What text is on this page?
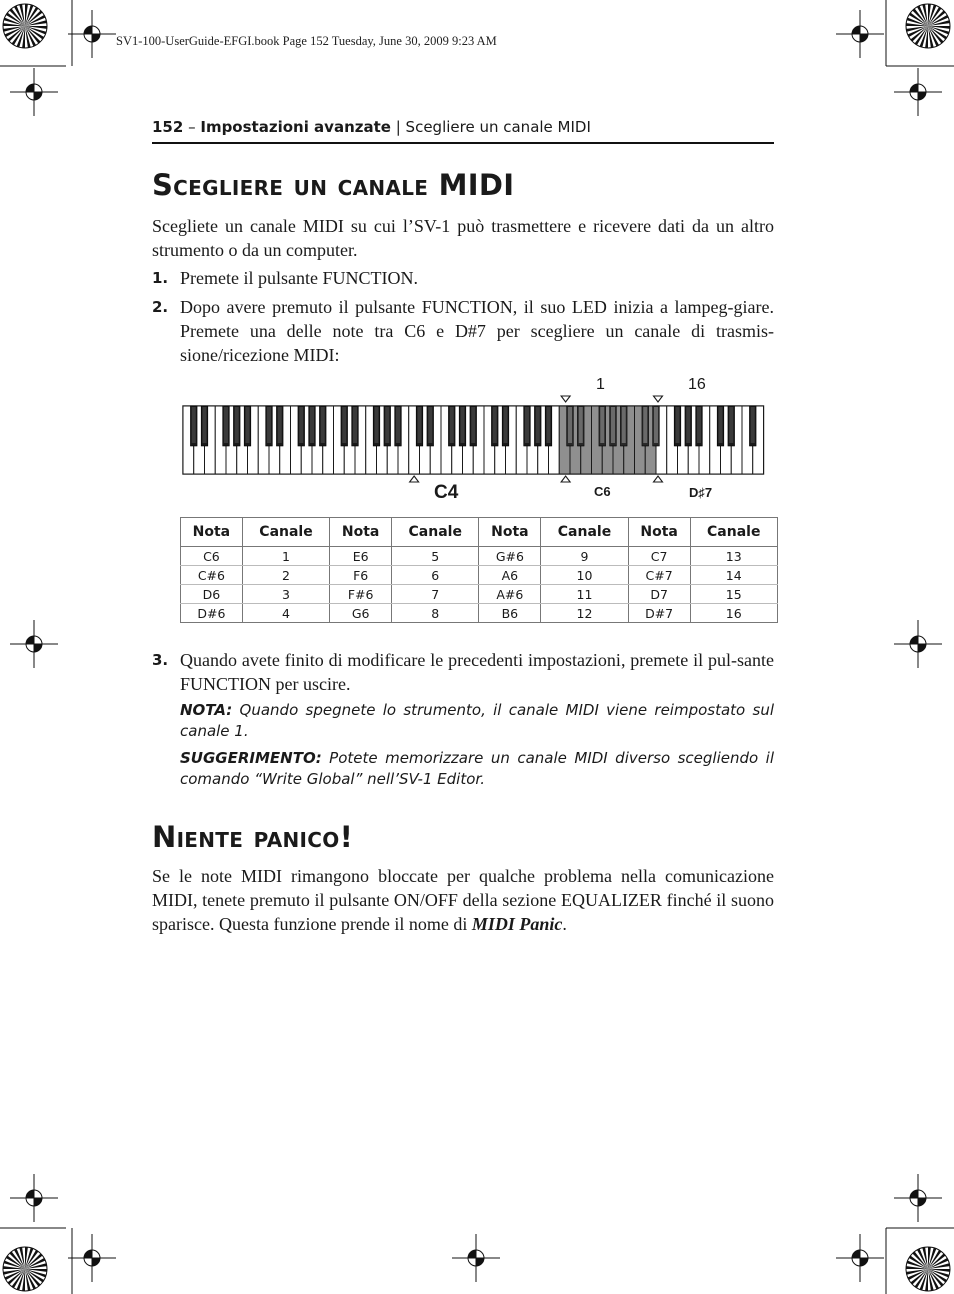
SV1-100-UserGuide-EFGI.book Page 152 Tuesday, June 30, 2009 9:23 AM
152 – Impostazioni avanzate | Scegliere un canale MIDI
Scegliere un canale MIDI

Scegliete un canale MIDI su cui l’SV-1 può trasmettere e ricevere dati da un altro strumento o da un computer.

1. Premete il pulsante FUNCTION.
2. Dopo avere premuto il pulsante FUNCTION, il suo LED inizia a lampeg-giare. Premete una delle note tra C6 e D#7 per scegliere un canale di trasmis-sione/ricezione MIDI:
1	16
C4	C6	D♯7
Nota	Canale	Nota	Canale	Nota	Canale	Nota	Canale
C6	1	E6	5	G#6	9	C7	13
C#6	2	F6	6	A6	10	C#7	14
D6	3	F#6	7	A#6	11	D7	15
D#6	4	G6	8	B6	12	D#7	16
3. Quando avete finito di modificare le precedenti impostazioni, premete il pul-sante FUNCTION per uscire.
NOTA: Quando spegnete lo strumento, il canale MIDI viene reimpostato sul canale 1.
SUGGERIMENTO: Potete memorizzare un canale MIDI diverso scegliendo il comando “Write Global” nell’SV-1 Editor.
Niente panico!

Se le note MIDI rimangono bloccate per qualche problema nella comunicazione MIDI, tenete premuto il pulsante ON/OFF della sezione EQUALIZER finché il suono sparisce. Questa funzione prende il nome di MIDI Panic.
